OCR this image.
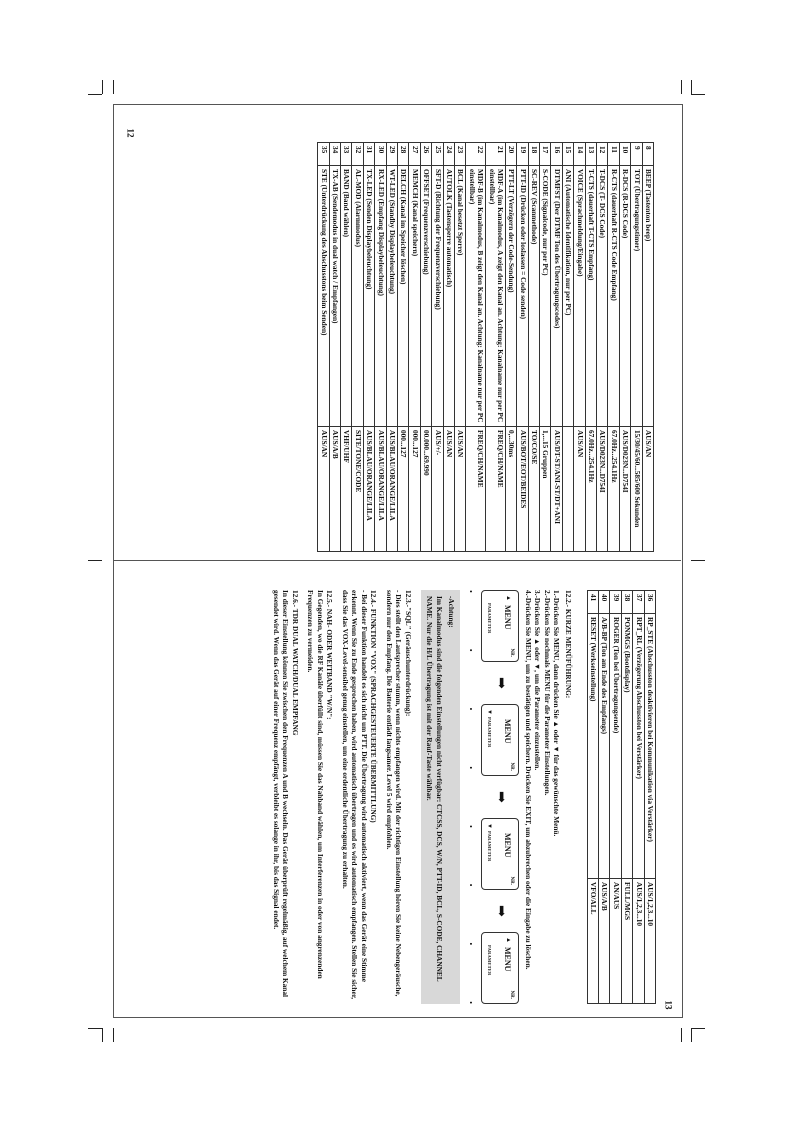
12
13
8	BEEP (Tastenton beep)	AUS/AN
9	TOT (Übertragungstimer)	15/30/45/60...585/600 Sekunden
10	R-DCS (R-DCS Code)	AUS/D023N...D754I
11	R-CTS (dauerhaft R-CTS Code Empfang)	67.0Hz...254.1Hz
12	T-DCS (T- DCS Code)	AUS/D023N...D754I
13	T-CTS (dauerhaft T-CTS Empfang)	67.0Hz...254.1Hz
14	VOICE (Sprachmeldung/Eingabe)	AUS/AN
15	ANI (Automatische Identifikation, nur per PC)	
16	DTMFST (Der DTMF Ton des Übertragungscodes)	AUS/DT-ST/ANI-ST/DT+ANI
17	S-CODE (Signalcode, nur per PC)	1,...15 Gruppen
18	SC-REV (Scanmethode)	TO/CO/SE
19	PTT-ID (Drücken oder loslassen = Code senden)	AUS/BOT/EOT/BEIDES
20	PTT-LT (Verzögern der Code-Sendung)	0,...30ms
21	MDF-A (im Kanalmodus, A zeigt den Kanal an. Achtung: Kanalname nur per PC einstellbar)	FREQ/CH/NAME
22	MDF-B (im Kanalmodus, B zeigt den Kanal an. Achtung: Kanalname nur per PC einstellbar)	FREQ/CH/NAME
23	BCL (Kanal besetzt Sperre)	AUS/AN
24	AUTOLK (Tastensperre automatisch)	AUS/AN
25	SFT-D (Richtung der Frequenzverschiebung)	AUS/+/-
26	OFFSET (Frequenzverschiebung)	00.000...69.990
27	MEMCH (Kanal speichern)	000...127
28	DELCH (Kanal im Speicher löschen)	000...127
29	WT-LED (Standby Displaybeleuchtung)	AUS/BLAU/ORANGE/LILA
30	RX-LED (Empfang Displaybeleuchtung)	AUS/BLAU/ORANGE/LILA
31	TX-LED (Senden Displaybeleuchtung)	AUS/BLAU/ORANGE/LILA
32	AL-MOD (Alarmmodus)	SITE/TONE/CODE
33	BAND (Band wählen)	VHF/UHF
34	TX-AB (Sendemodus in dual watch / Empfangen)	AUS/A/B
35	STE (Unterdrückung des Abschusstons beim Senden)	AUS/AN
36	RP_STE (Abschusston deaktivieren bei Kommunikation via Verstärker)	AUS/1,2,3...10
37	RPT_RL (Verzögerung Abschusston bei Verstärker)	AUS/1,2,3...10
38	PONMGS (Bootdisplay)	FULL/MGS
39	ROGER (Ton bei Übertragungsende)	AN/AUS
40	A/B-BP (Ton am Ende des Empfangs)	AUS/A/B
41	RESET (Werkseinstellung)	VFO/ALL
12.2.- KURZE MENÜFÜHRUNG:
1.-Drücken Sie MENU, dann drücken Sie ▲ oder ▼ für das gewünschte Menü.
2.-Drücken Sie nochmals MENU für die Parameter Einstellungen.
3.-Drücken Sie ▲ oder ▼, um die Parameter einzustellen.
4.-Drücken Sie MENU, um zu bestätigen und speichern. Drücken Sie EXIT, um abzubrechen oder die Eingabe zu löschen.
▲
MENU
NR.
PARAMETER
➡
▼
MENU
NR.
PARAMETER
➡
▼
MENU
NR.
PARAMETER
➡
▲
MENU
NR.
PARAMETER
•
•
•
•
•
•
•
•
-Achtung:
Im Kanalmodus sind die folgenden Einstellungen nicht verfügbar: CTCSS, DCS, W/N, PTT-ID, BCL, S-CODE, CHANNEL NAME. Nur die H/L Übertragung ist mit der Rauf-Taste wählbar.

12.3.-"SQL" (Geräuschunterdrückung):
- Dies stellt den Lautsprecher stumm, wenn nichts empfangen wird. Mit der richtigen Einstellung hören Sie keine Nebengeräusche, sondern nur den Empfang. Die Batterie entlädt langsamer. Level 5 wird empfohlen.

12.4.- FUNKTION "VOX" (SPRACHGESTEUERTE ÜBERMITTLUNG)
- Bei dieser Funktion handelt es sich nicht um PTT. Die Übertragung wird automatisch aktiviert, wenn das Gerät eine Stimme erkennt. Wenn Sie zu Ende gesprochen haben, wird automatisch übertragen und es wird automatisch empfangen. Stellen Sie sicher, dass Sie das VOX-Level-sensibel genug einstellen, um eine ordentliche Übertragung zu erhalten.

12.5.- NAH- ODER WEITBAND "W/N":
In Gegenden, wo die RF Kanäle überfüllt sind, müssen Sie das Nahband wählen, um Interferenzen in oder von angrenzenden Frequenzen zu vermeiden.

12.6.- TDR DUAL WATCH/DUAL EMPFANG
In dieser Einstellung können Sie zwischen den Frequenzen A und B wechseln. Das Gerät überprüft regelmäßig, auf welchem Kanal gesendet wird. Wenn das Gerät auf einer Frequenz empfängt, verbleibt es solange in ihr, bis das Signal endet.
